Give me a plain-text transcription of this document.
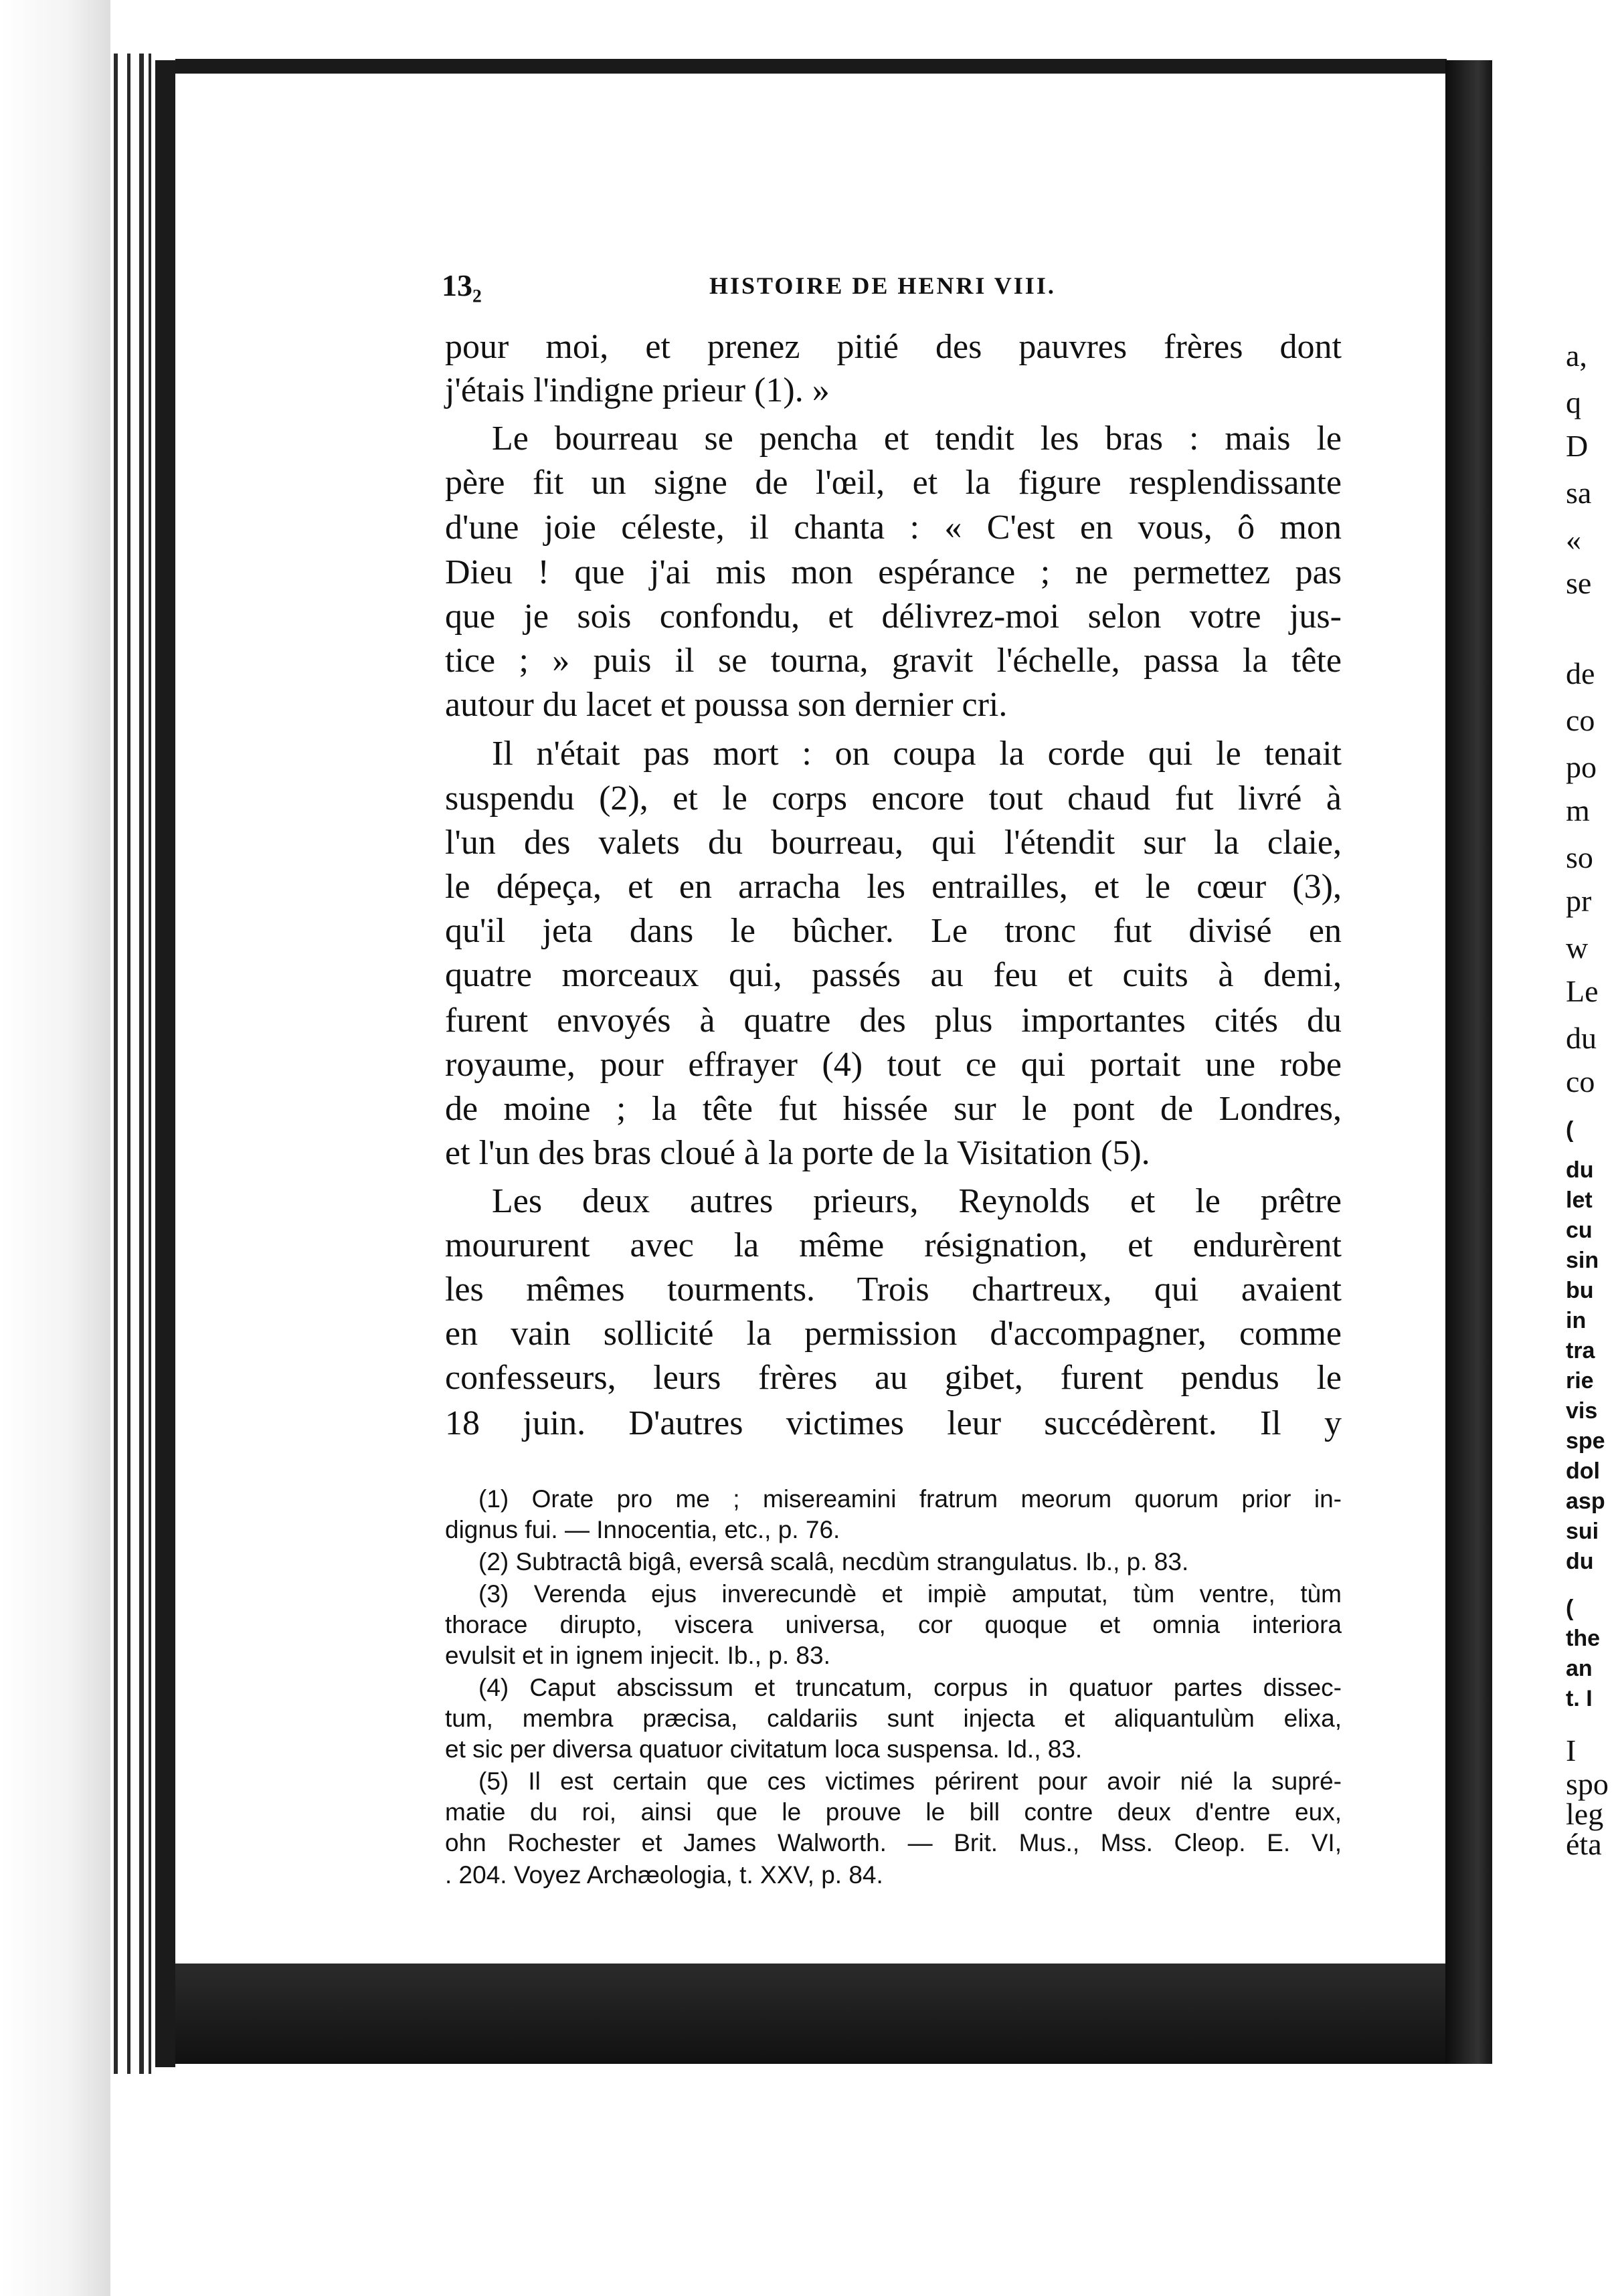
13₂	HISTOIRE DE HENRI VIII.
pour moi, et prenez pitié des pauvres frères dont
j'étais l'indigne prieur (1). »
Le bourreau se pencha et tendit les bras : mais le
père fit un signe de l'œil, et la figure resplendissante
d'une joie céleste, il chanta : « C'est en vous, ô mon
Dieu ! que j'ai mis mon espérance ; ne permettez pas
que je sois confondu, et délivrez-moi selon votre jus-
tice ; » puis il se tourna, gravit l'échelle, passa la tête
autour du lacet et poussa son dernier cri.
Il n'était pas mort : on coupa la corde qui le tenait
suspendu (2), et le corps encore tout chaud fut livré à
l'un des valets du bourreau, qui l'étendit sur la claie,
le dépeça, et en arracha les entrailles, et le cœur (3),
qu'il jeta dans le bûcher. Le tronc fut divisé en
quatre morceaux qui, passés au feu et cuits à demi,
furent envoyés à quatre des plus importantes cités du
royaume, pour effrayer (4) tout ce qui portait une robe
de moine ; la tête fut hissée sur le pont de Londres,
et l'un des bras cloué à la porte de la Visitation (5).
Les deux autres prieurs, Reynolds et le prêtre
moururent avec la même résignation, et endurèrent
les mêmes tourments. Trois chartreux, qui avaient
en vain sollicité la permission d'accompagner, comme
confesseurs, leurs frères au gibet, furent pendus le
18 juin. D'autres victimes leur succédèrent. Il y
(1) Orate pro me ; misereamini fratrum meorum quorum prior in-
dignus fui. — Innocentia, etc., p. 76.
(2) Subtractâ bigâ, eversâ scalâ, necdùm strangulatus. Ib., p. 83.
(3) Verenda ejus inverecundè et impiè amputat, tùm ventre, tùm
thorace dirupto, viscera universa, cor quoque et omnia interiora
evulsit et in ignem injecit. Ib., p. 83.
(4) Caput abscissum et truncatum, corpus in quatuor partes dissec-
tum, membra præcisa, caldariis sunt injecta et aliquantulùm elixa,
et sic per diversa quatuor civitatum loca suspensa. Id., 83.
(5) Il est certain que ces victimes périrent pour avoir nié la supré-
matie du roi, ainsi que le prouve le bill contre deux d'entre eux,
ohn Rochester et James Walworth. — Brit. Mus., Mss. Cleop. E. VI,
. 204. Voyez Archæologia, t. XXV, p. 84.
a,
q
D
sa
«
se
de
co
po
m
so
pr
w
Le
du
co
(
du
let
cu
sin
bu
in
tra
rie
vis
spe
dol
asp
sui
du
(
the
an
t. I
I
spo
leg
éta
